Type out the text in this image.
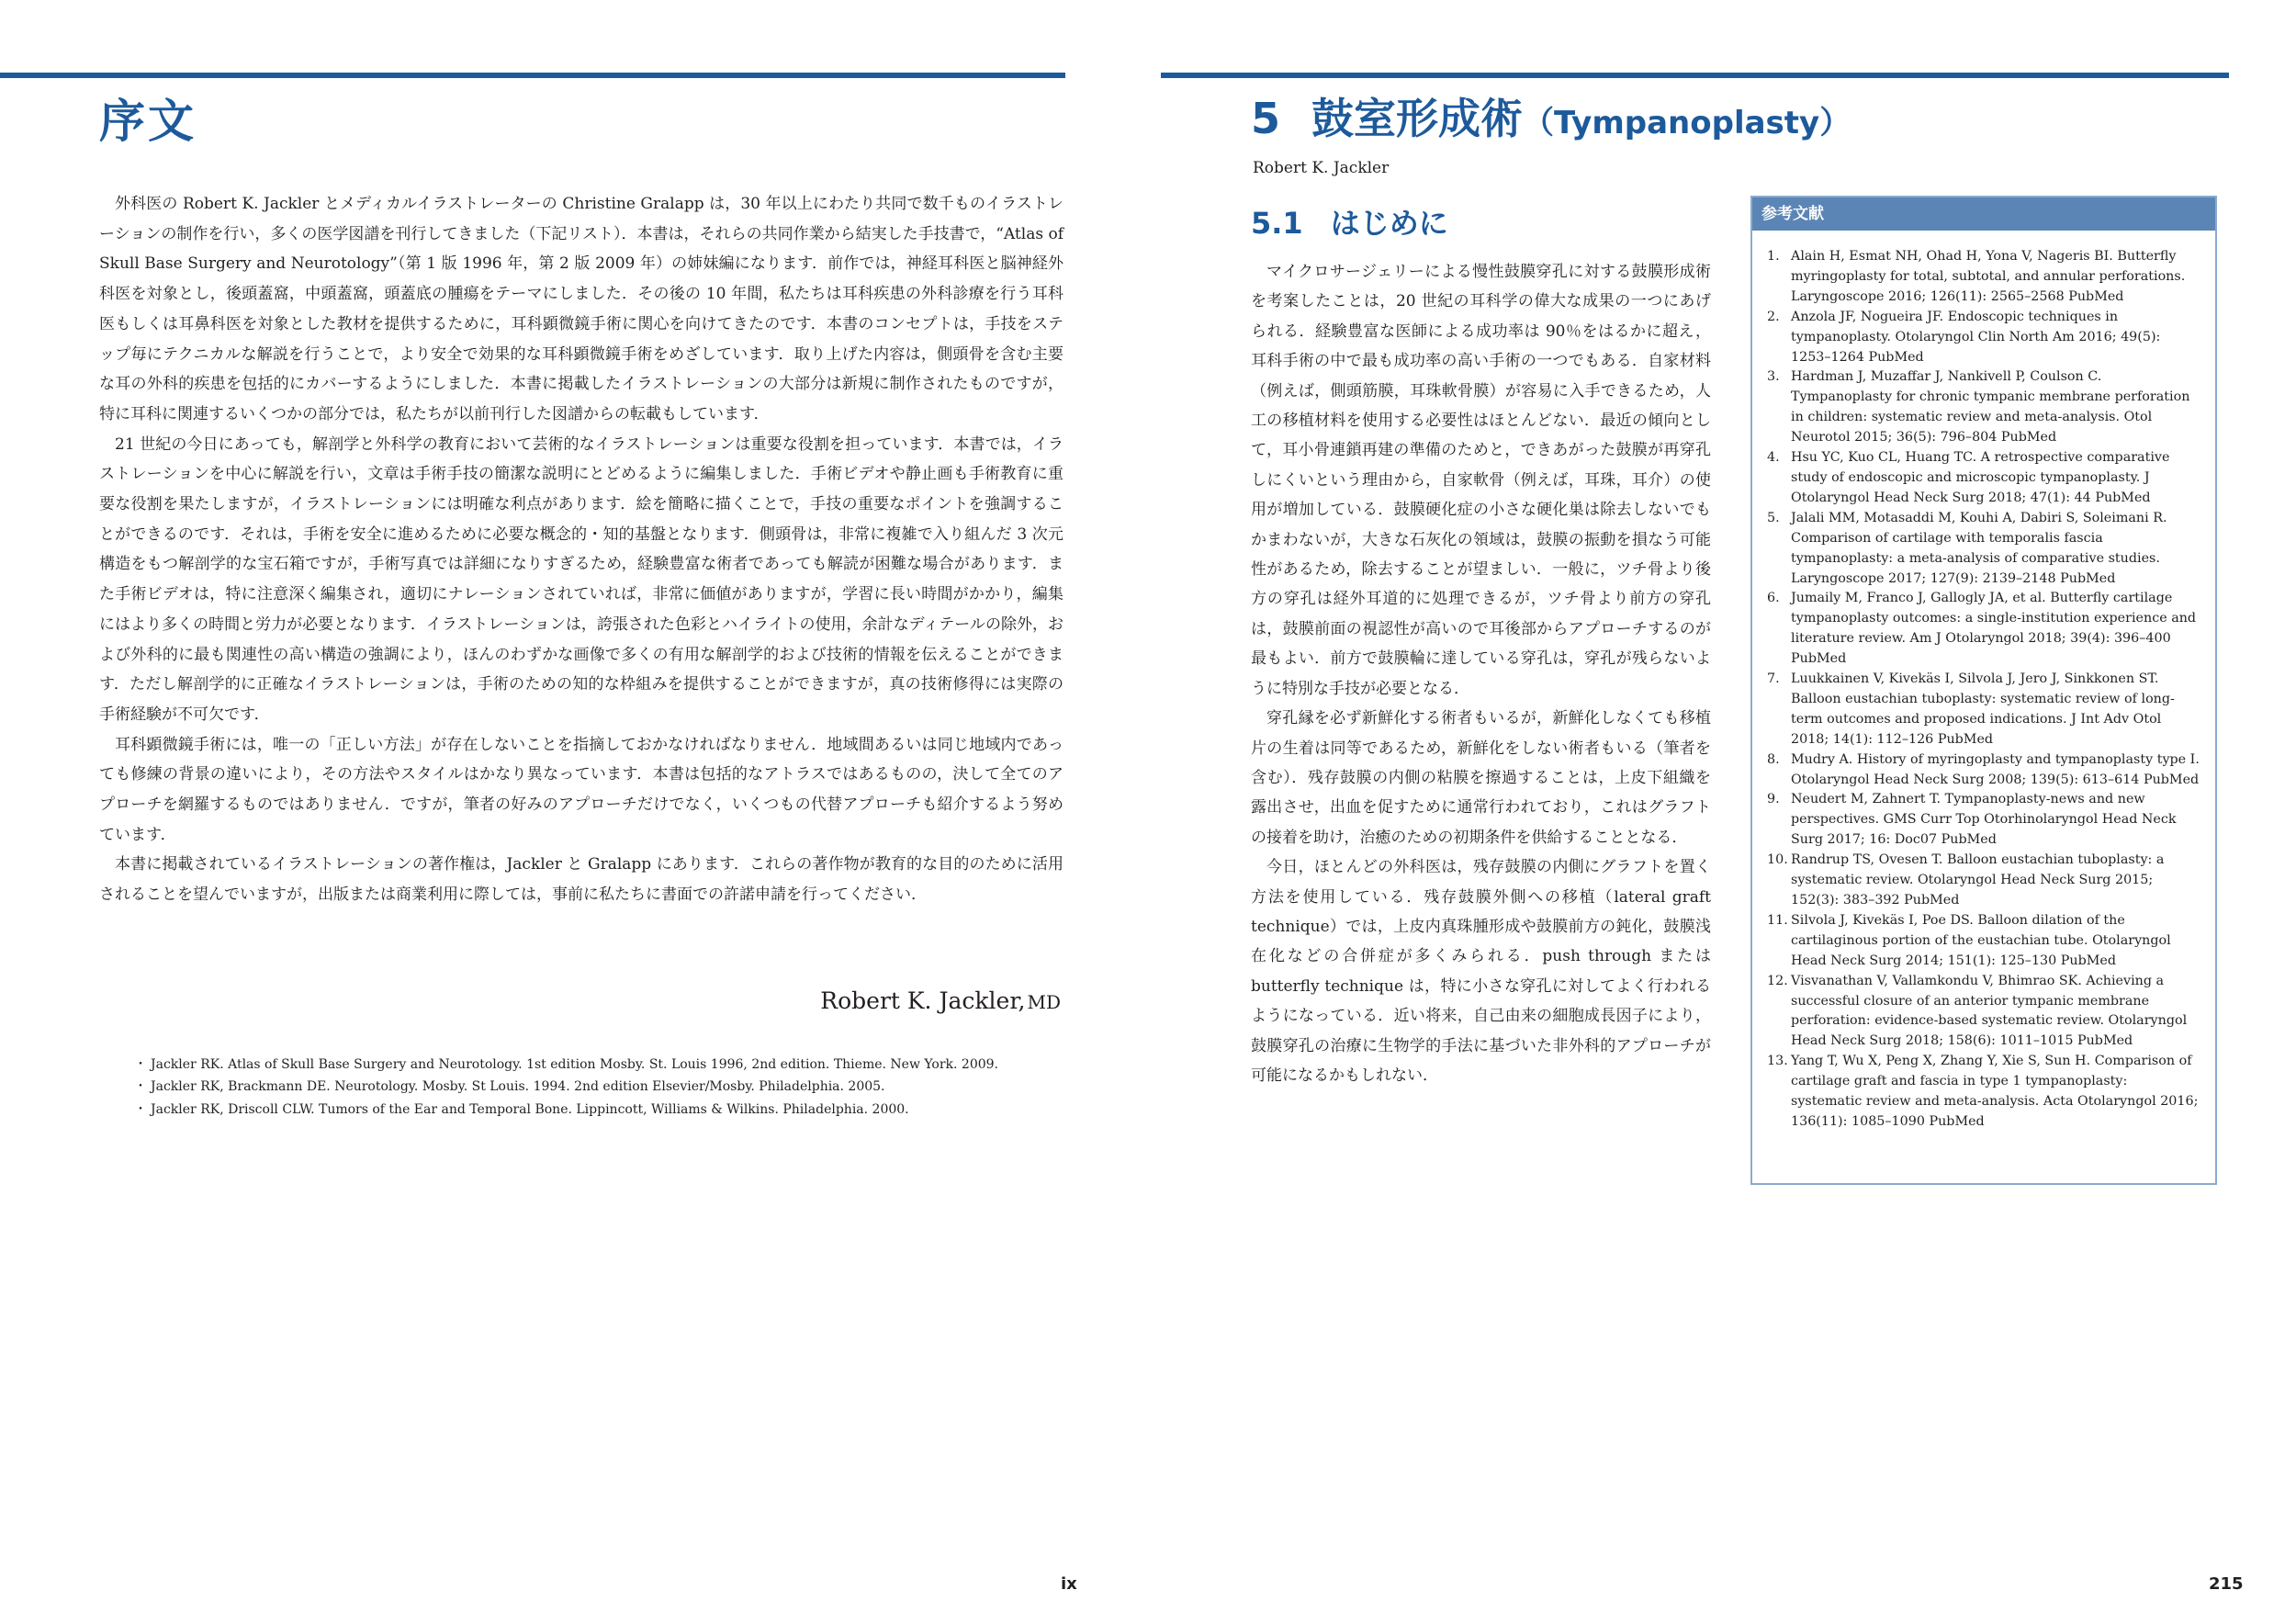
序文

外科医の Robert K. Jackler とメディカルイラストレーターの Christine Gralapp は，30 年以上にわたり共同で数千ものイラストレーションの制作を行い，多くの医学図譜を刊行してきました（下記リスト）．本書は，それらの共同作業から結実した手技書で，“Atlas of Skull Base Surgery and Neurotology”（第 1 版 1996 年，第 2 版 2009 年）の姉妹編になります．前作では，神経耳科医と脳神経外科医を対象とし，後頭蓋窩，中頭蓋窩，頭蓋底の腫瘍をテーマにしました．その後の 10 年間，私たちは耳科疾患の外科診療を行う耳科医もしくは耳鼻科医を対象とした教材を提供するために，耳科顕微鏡手術に関心を向けてきたのです．本書のコンセプトは，手技をステップ毎にテクニカルな解説を行うことで，より安全で効果的な耳科顕微鏡手術をめざしています．取り上げた内容は，側頭骨を含む主要な耳の外科的疾患を包括的にカバーするようにしました．本書に掲載したイラストレーションの大部分は新規に制作されたものですが，特に耳科に関連するいくつかの部分では，私たちが以前刊行した図譜からの転載もしています．

21 世紀の今日にあっても，解剖学と外科学の教育において芸術的なイラストレーションは重要な役割を担っています．本書では，イラストレーションを中心に解説を行い，文章は手術手技の簡潔な説明にとどめるように編集しました．手術ビデオや静止画も手術教育に重要な役割を果たしますが，イラストレーションには明確な利点があります．絵を簡略に描くことで，手技の重要なポイントを強調することができるのです．それは，手術を安全に進めるために必要な概念的・知的基盤となります．側頭骨は，非常に複雑で入り組んだ 3 次元構造をもつ解剖学的な宝石箱ですが，手術写真では詳細になりすぎるため，経験豊富な術者であっても解読が困難な場合があります．また手術ビデオは，特に注意深く編集され，適切にナレーションされていれば，非常に価値がありますが，学習に長い時間がかかり，編集にはより多くの時間と労力が必要となります．イラストレーションは，誇張された色彩とハイライトの使用，余計なディテールの除外，および外科的に最も関連性の高い構造の強調により，ほんのわずかな画像で多くの有用な解剖学的および技術的情報を伝えることができます．ただし解剖学的に正確なイラストレーションは，手術のための知的な枠組みを提供することができますが，真の技術修得には実際の手術経験が不可欠です．

耳科顕微鏡手術には，唯一の「正しい方法」が存在しないことを指摘しておかなければなりません．地域間あるいは同じ地域内であっても修練の背景の違いにより，その方法やスタイルはかなり異なっています．本書は包括的なアトラスではあるものの，決して全てのアプローチを網羅するものではありません．ですが，筆者の好みのアプローチだけでなく，いくつもの代替アプローチも紹介するよう努めています．

本書に掲載されているイラストレーションの著作権は，Jackler と Gralapp にあります．これらの著作物が教育的な目的のために活用されることを望んでいますが，出版または商業利用に際しては，事前に私たちに書面での許諾申請を行ってください．

Robert K. Jackler, MD
・ Jackler RK. Atlas of Skull Base Surgery and Neurotology. 1st edition Mosby. St. Louis 1996, 2nd edition. Thieme. New York. 2009.
・ Jackler RK, Brackmann DE. Neurotology. Mosby. St Louis. 1994. 2nd edition Elsevier/Mosby. Philadelphia. 2005.
・ Jackler RK, Driscoll CLW. Tumors of the Ear and Temporal Bone. Lippincott, Williams & Wilkins. Philadelphia. 2000.

ix

5 鼓室形成術（Tympanoplasty）

Robert K. Jackler

5.1 はじめに

マイクロサージェリーによる慢性鼓膜穿孔に対する鼓膜形成術を考案したことは，20 世紀の耳科学の偉大な成果の一つにあげられる．経験豊富な医師による成功率は 90％をはるかに超え，耳科手術の中で最も成功率の高い手術の一つでもある．自家材料（例えば，側頭筋膜，耳珠軟骨膜）が容易に入手できるため，人工の移植材料を使用する必要性はほとんどない．最近の傾向として，耳小骨連鎖再建の準備のためと，できあがった鼓膜が再穿孔しにくいという理由から，自家軟骨（例えば，耳珠，耳介）の使用が増加している．鼓膜硬化症の小さな硬化巣は除去しないでもかまわないが，大きな石灰化の領域は，鼓膜の振動を損なう可能性があるため，除去することが望ましい．一般に，ツチ骨より後方の穿孔は経外耳道的に処理できるが，ツチ骨より前方の穿孔は，鼓膜前面の視認性が高いので耳後部からアプローチするのが最もよい．前方で鼓膜輪に達している穿孔は，穿孔が残らないように特別な手技が必要となる．

穿孔縁を必ず新鮮化する術者もいるが，新鮮化しなくても移植片の生着は同等であるため，新鮮化をしない術者もいる（筆者を含む）．残存鼓膜の内側の粘膜を擦過することは，上皮下組織を露出させ，出血を促すために通常行われており，これはグラフトの接着を助け，治癒のための初期条件を供給することとなる．

今日，ほとんどの外科医は，残存鼓膜の内側にグラフトを置く方法を使用している．残存鼓膜外側への移植（lateral graft technique）では，上皮内真珠腫形成や鼓膜前方の鈍化，鼓膜浅在化などの合併症が多くみられる．push through または butterfly technique は，特に小さな穿孔に対してよく行われるようになっている．近い将来，自己由来の細胞成長因子により，鼓膜穿孔の治療に生物学的手法に基づいた非外科的アプローチが可能になるかもしれない．

参考文献
1. Alain H, Esmat NH, Ohad H, Yona V, Nageris BI. Butterfly myringoplasty for total, subtotal, and annular perforations. Laryngoscope 2016; 126(11): 2565–2568 PubMed
2. Anzola JF, Nogueira JF. Endoscopic techniques in tympanoplasty. Otolaryngol Clin North Am 2016; 49(5): 1253–1264 PubMed
3. Hardman J, Muzaffar J, Nankivell P, Coulson C. Tympanoplasty for chronic tympanic membrane perforation in children: systematic review and meta-analysis. Otol Neurotol 2015; 36(5): 796–804 PubMed
4. Hsu YC, Kuo CL, Huang TC. A retrospective comparative study of endoscopic and microscopic tympanoplasty. J Otolaryngol Head Neck Surg 2018; 47(1): 44 PubMed
5. Jalali MM, Motasaddi M, Kouhi A, Dabiri S, Soleimani R. Comparison of cartilage with temporalis fascia tympanoplasty: a meta-analysis of comparative studies. Laryngoscope 2017; 127(9): 2139–2148 PubMed
6. Jumaily M, Franco J, Gallogly JA, et al. Butterfly cartilage tympanoplasty outcomes: a single-institution experience and literature review. Am J Otolaryngol 2018; 39(4): 396–400 PubMed
7. Luukkainen V, Kivekäs I, Silvola J, Jero J, Sinkkonen ST. Balloon eustachian tuboplasty: systematic review of long-term outcomes and proposed indications. J Int Adv Otol 2018; 14(1): 112–126 PubMed
8. Mudry A. History of myringoplasty and tympanoplasty type I. Otolaryngol Head Neck Surg 2008; 139(5): 613–614 PubMed
9. Neudert M, Zahnert T. Tympanoplasty-news and new perspectives. GMS Curr Top Otorhinolaryngol Head Neck Surg 2017; 16: Doc07 PubMed
10. Randrup TS, Ovesen T. Balloon eustachian tuboplasty: a systematic review. Otolaryngol Head Neck Surg 2015; 152(3): 383–392 PubMed
11. Silvola J, Kivekäs I, Poe DS. Balloon dilation of the cartilaginous portion of the eustachian tube. Otolaryngol Head Neck Surg 2014; 151(1): 125–130 PubMed
12. Visvanathan V, Vallamkondu V, Bhimrao SK. Achieving a successful closure of an anterior tympanic membrane perforation: evidence-based systematic review. Otolaryngol Head Neck Surg 2018; 158(6): 1011–1015 PubMed
13. Yang T, Wu X, Peng X, Zhang Y, Xie S, Sun H. Comparison of cartilage graft and fascia in type 1 tympanoplasty: systematic review and meta-analysis. Acta Otolaryngol 2016; 136(11): 1085–1090 PubMed

215
